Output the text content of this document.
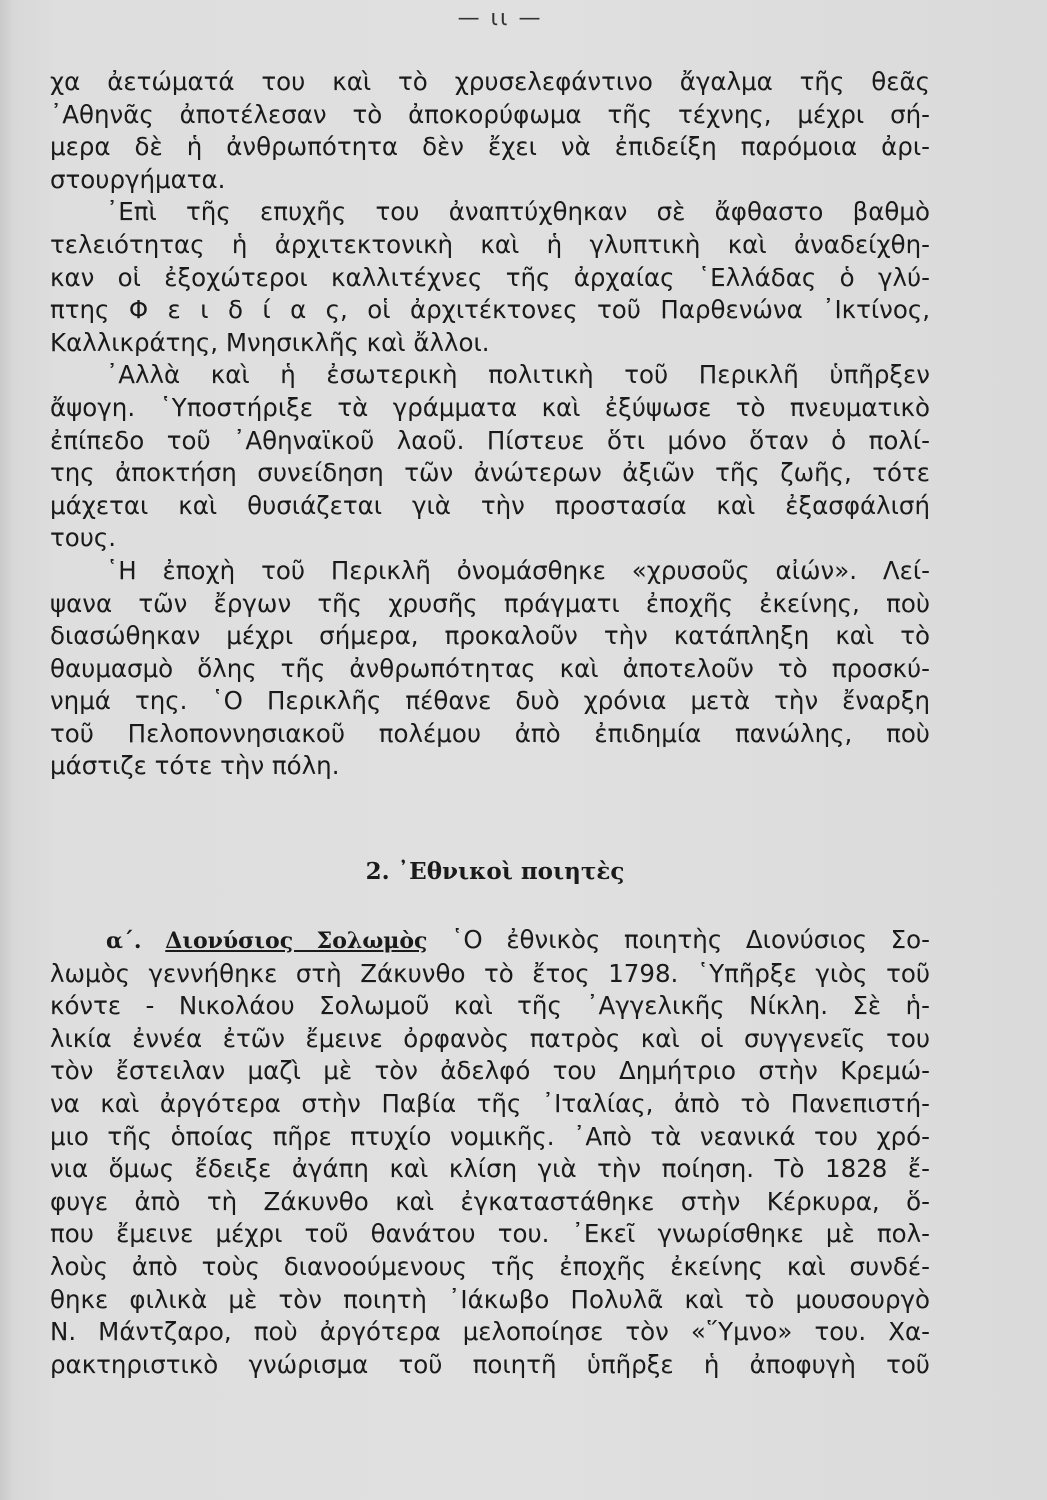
— ιι —
χα ἀετώματά του καὶ τὸ χρυσελεφάντινο ἄγαλμα τῆς θεᾶς
᾿Αθηνᾶς ἀποτέλεσαν τὸ ἀποκορύφωμα τῆς τέχνης, μέχρι σή-
μερα δὲ ἡ ἀνθρωπότητα δὲν ἔχει νὰ ἐπιδείξη παρόμοια ἀρι-
στουργήματα.
᾿Επὶ τῆς επυχῆς του ἀναπτύχθηκαν σὲ ἄφθαστο βαθμὸ
τελειότητας ἡ ἀρχιτεκτονικὴ καὶ ἡ γλυπτικὴ καὶ ἀναδείχθη-
καν οἱ ἐξοχώτεροι καλλιτέχνες τῆς ἀρχαίας ῾Ελλάδας ὁ γλύ-
πτης Φ ε ι δ ί α ς, οἱ ἀρχιτέκτονες τοῦ Παρθενώνα ᾿Ικτίνος,
Καλλικράτης, Μνησικλῆς καὶ ἄλλοι.
᾿Αλλὰ καὶ ἡ ἐσωτερικὴ πολιτικὴ τοῦ Περικλῆ ὑπῆρξεν
ἄψογη. ῾Υποστήριξε τὰ γράμματα καὶ ἐξύψωσε τὸ πνευματικὸ
ἐπίπεδο τοῦ ᾿Αθηναϊκοῦ λαοῦ. Πίστευε ὅτι μόνο ὅταν ὁ πολί-
της ἀποκτήση συνείδηση τῶν ἀνώτερων ἀξιῶν τῆς ζωῆς, τότε
μάχεται καὶ θυσιάζεται γιὰ τὴν προστασία καὶ ἐξασφάλισή
τους.
῾Η ἐποχὴ τοῦ Περικλῆ ὀνομάσθηκε «χρυσοῦς αἰών». Λεί-
ψανα τῶν ἔργων τῆς χρυσῆς πράγματι ἐποχῆς ἐκείνης, ποὺ
διασώθηκαν μέχρι σήμερα, προκαλοῦν τὴν κατάπληξη καὶ τὸ
θαυμασμὸ ὅλης τῆς ἀνθρωπότητας καὶ ἀποτελοῦν τὸ προσκύ-
νημά της. ῾Ο Περικλῆς πέθανε δυὸ χρόνια μετὰ τὴν ἔναρξη
τοῦ Πελοποννησιακοῦ πολέμου ἀπὸ ἐπιδημία πανώλης, ποὺ
μάστιζε τότε τὴν πόλη.
2. ᾿Εθνικοὶ ποιητὲς
α΄. Διονύσιος Σολωμὸς ῾Ο ἐθνικὸς ποιητὴς Διονύσιος Σο-
λωμὸς γεννήθηκε στὴ Ζάκυνθο τὸ ἔτος 1798. ῾Υπῆρξε γιὸς τοῦ
κόντε - Νικολάου Σολωμοῦ καὶ τῆς ᾿Αγγελικῆς Νίκλη. Σὲ ἡ-
λικία ἐννέα ἐτῶν ἔμεινε ὀρφανὸς πατρὸς καὶ οἱ συγγενεῖς του
τὸν ἔστειλαν μαζὶ μὲ τὸν ἀδελφό του Δημήτριο στὴν Κρεμώ-
να καὶ ἀργότερα στὴν Παβία τῆς ᾿Ιταλίας, ἀπὸ τὸ Πανεπιστή-
μιο τῆς ὁποίας πῆρε πτυχίο νομικῆς. ᾿Απὸ τὰ νεανικά του χρό-
νια ὅμως ἔδειξε ἀγάπη καὶ κλίση γιὰ τὴν ποίηση. Τὸ 1828 ἔ-
φυγε ἀπὸ τὴ Ζάκυνθο καὶ ἐγκαταστάθηκε στὴν Κέρκυρα, ὅ-
που ἔμεινε μέχρι τοῦ θανάτου του. ᾿Εκεῖ γνωρίσθηκε μὲ πολ-
λοὺς ἀπὸ τοὺς διανοούμενους τῆς ἐποχῆς ἐκείνης καὶ συνδέ-
θηκε φιλικὰ μὲ τὸν ποιητὴ ᾿Ιάκωβο Πολυλᾶ καὶ τὸ μουσουργὸ
Ν. Μάντζαρο, ποὺ ἀργότερα μελοποίησε τὸν «῞Υμνο» του. Χα-
ρακτηριστικὸ γνώρισμα τοῦ ποιητῆ ὑπῆρξε ἡ ἀποφυγὴ τοῦ
